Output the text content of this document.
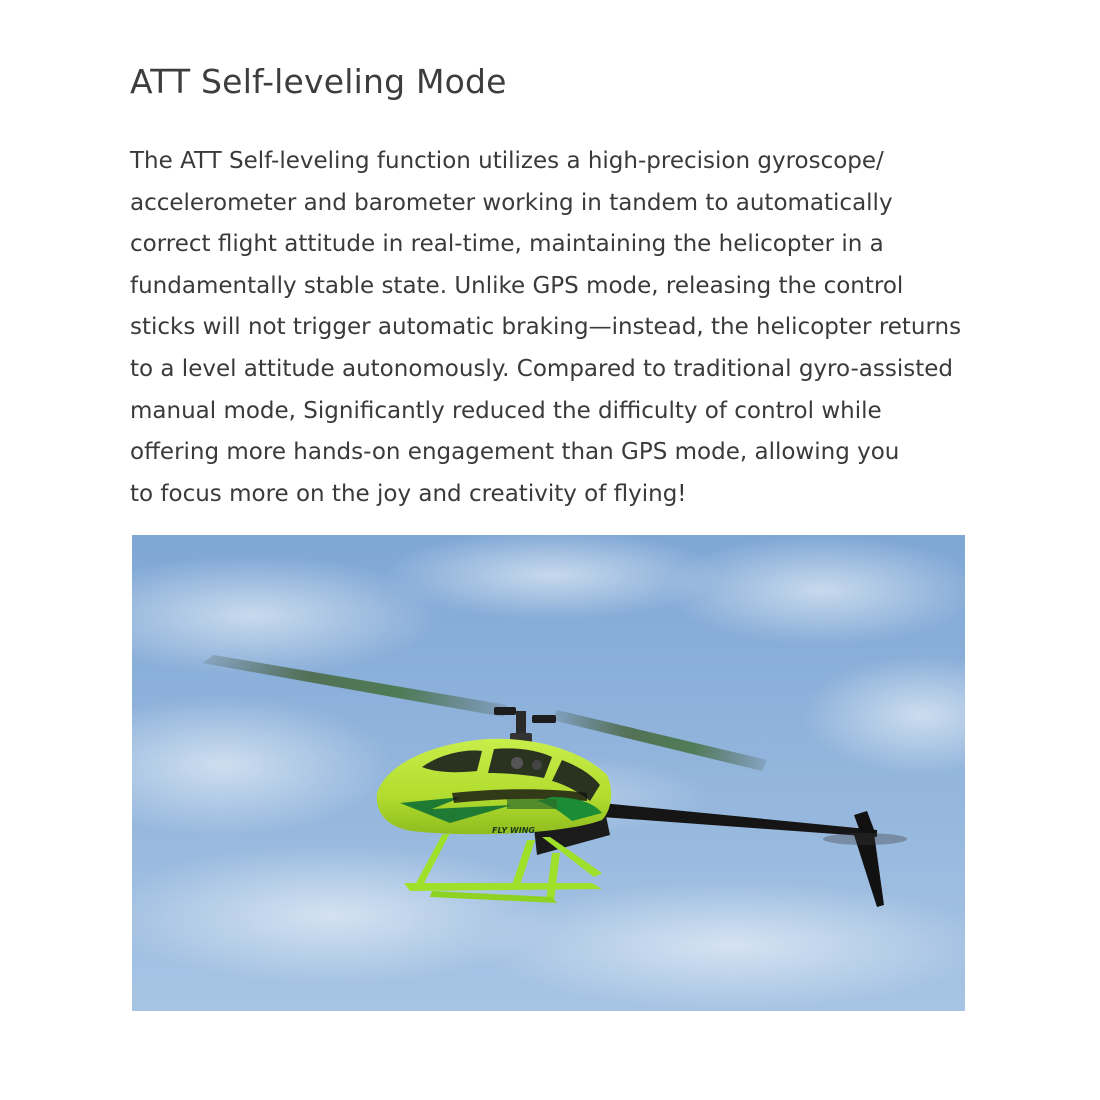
ATT Self-leveling Mode
The ATT Self-leveling function utilizes a high-precision gyroscope/
accelerometer and barometer working in tandem to automatically
correct flight attitude in real-time, maintaining the helicopter in a
fundamentally stable state. Unlike GPS mode, releasing the control
sticks will not trigger automatic braking—instead, the helicopter returns
to a level attitude autonomously. Compared to traditional gyro-assisted
manual mode, Significantly reduced the difficulty of control while
offering more hands-on engagement than GPS mode, allowing you
to focus more on the joy and creativity of flying!
FLY WING
